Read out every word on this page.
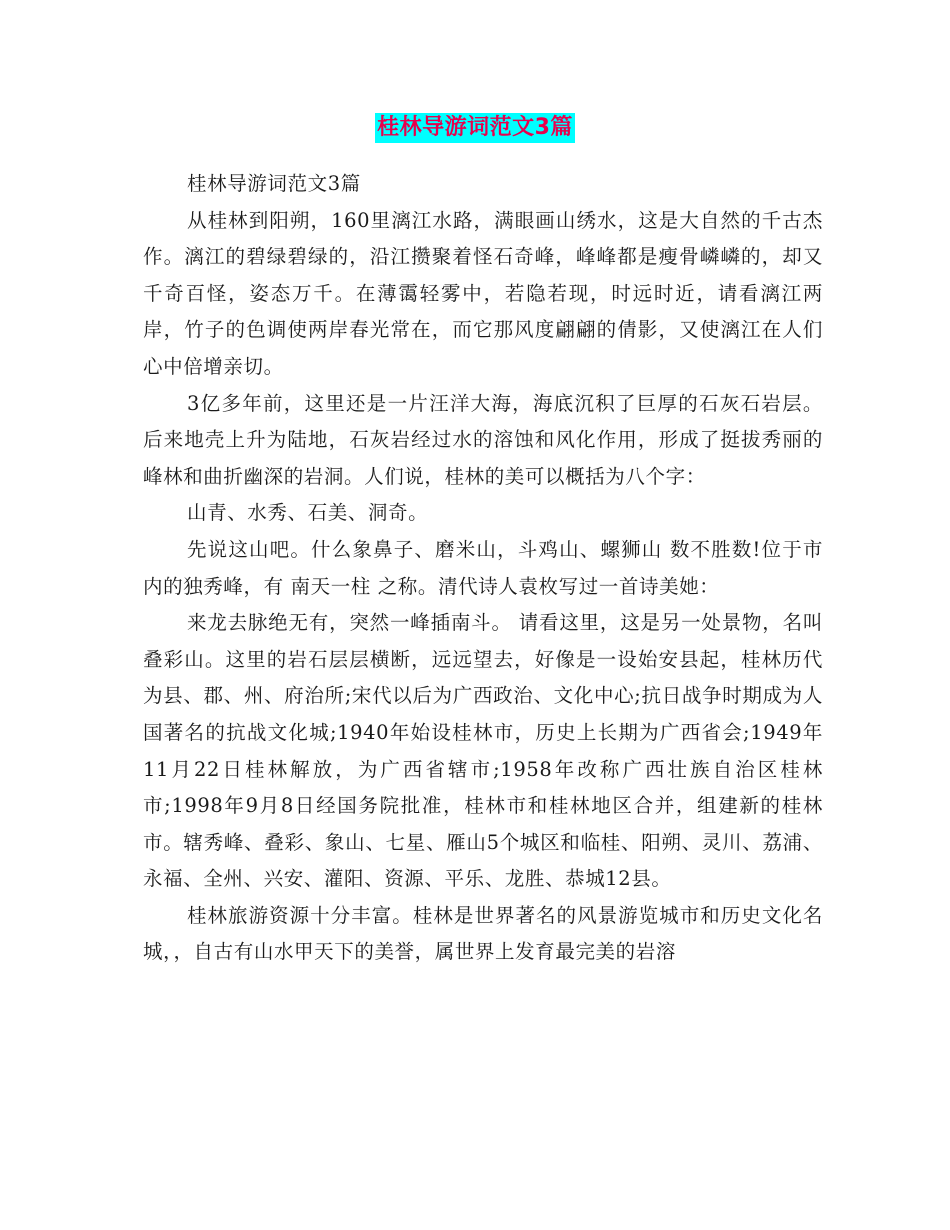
桂林导游词范文3篇

桂林导游词范文3篇

从桂林到阳朔，160里漓江水路，满眼画山绣水，这是大自然的千古杰作。漓江的碧绿碧绿的，沿江攒聚着怪石奇峰，峰峰都是瘦骨嶙嶙的，却又千奇百怪，姿态万千。在薄霭轻雾中，若隐若现，时远时近，请看漓江两岸，竹子的色调使两岸春光常在，而它那风度翩翩的倩影，又使漓江在人们心中倍增亲切。

3亿多年前，这里还是一片汪洋大海，海底沉积了巨厚的石灰石岩层。后来地壳上升为陆地，石灰岩经过水的溶蚀和风化作用，形成了挺拔秀丽的峰林和曲折幽深的岩洞。人们说，桂林的美可以概括为八个字：

山青、水秀、石美、洞奇。

先说这山吧。什么象鼻子、磨米山，斗鸡山、螺狮山 数不胜数!位于市内的独秀峰，有 南天一柱 之称。清代诗人袁枚写过一首诗美她：

来龙去脉绝无有，突然一峰插南斗。 请看这里，这是另一处景物，名叫叠彩山。这里的岩石层层横断，远远望去，好像是一设始安县起，桂林历代为县、郡、州、府治所;宋代以后为广西政治、文化中心;抗日战争时期成为人国著名的抗战文化城;1940年始设桂林市，历史上长期为广西省会;1949年11月22日桂林解放，为广西省辖市;1958年改称广西壮族自治区桂林市;1998年9月8日经国务院批准，桂林市和桂林地区合并，组建新的桂林市。辖秀峰、叠彩、象山、七星、雁山5个城区和临桂、阳朔、灵川、荔浦、永福、全州、兴安、灌阳、资源、平乐、龙胜、恭城12县。

桂林旅游资源十分丰富。桂林是世界著名的风景游览城市和历史文化名城，，自古有山水甲天下的美誉，属世界上发育最完美的岩溶
